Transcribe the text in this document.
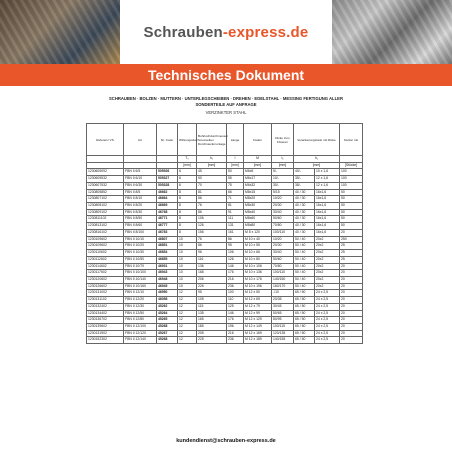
Schrauben-express.de
Technisches Dokument
SCHRAUBEN · BOLZEN · MUTTERN · UNTERLEGSCHEIBEN · DREHEN · EDELSTAHL · MESSING FERTIGUNG ALLER
SONDERTEILE AUF ANFRAGE
VERZINKTER STAHL
Referenz VS	Art	Nr. Code	Wirkungsdurchmesser	Bohrlochdurchmesser bei Durchsteckmontage	Länge	Faden	Dicke zum Fixieren	Verankerungstiefe mit Dicke		Karton mit
			T₀	h₀	l	M	t₁	h₁		
			[mm]	[mm]	[mm]	[mm]	[mm]	[mm]		[Stücke]
1230605092	FBN II 6/5	505926	6	45	50	M6x5	5/-	40/-	10 x 1,6	100
1230605532	FBN II 6/10	505327	6	50	55	M6x17	10/-	35/-	12 x 1,6	100
1230607532	FBN II 6/30	505328	6	70	75	M6x32	30/-	38/-	12 x 1,6	100
1230805852	FBN II 8/5	46662	8	81	66	M8x15	5/15	40 / 30	16x1,6	50
1230807102	FBN II 8/10	46664	8	86	71	M8x20	10/20	40 / 30	16x1,6	50
1230808102	FBN II 8/20	46669	8	76	81	M8x30	20/30	40 / 30	16x1,6	50
1230809102	FBN II 8/30	46768	8	86	91	M8x40	30/40	40 / 30	16x1,6	50
1230811102	FBN II 8/50	46771	8	106	111	M8x60	50/60	40 / 30	16x1,6	50
1230813102	FBN II 8/60	46777	8	126	131	M8x80	70/80	40 / 30	16x1,6	50
1230816102	FBN II 8/100	46783	8	156	161	M 8 x 120	100/110	40 / 30	16x1,6	20
1230109602	FBN II 10/10	46807	10	76	86	M 10 x 40	10/20	50 / 40	20x2	250
1230109602	FBN II 10/20	46851	10	86	95	M 10 x 55	20/30	50 / 40	20x2	25
1230110602	FBN II 10/30	46854	10	96	106	M 10 x 66	30/40	50 / 40	20x2	25
1230112602	FBN II 10/50	46855	10	116	126	M 10 x 80	50/60	50 / 40	20x2	25
1230114602	FBN II 10/70	46931	10	136	146	M 10 x 106	70/80	50 / 40	20x2	20
1230117602	FBN II 10/100	46943	10	168	176	M 10 x 136	100/110	50 / 40	20x2	20
1230120602	FBN II 10/140	46948	10	206	216	M 10 x 176	140/150	50 / 40	20x2	20
1230126602	FBN II 10/160	46945	10	226	236	M 10 x 196	160/170	50 / 40	20x2	20
1230131002	FBN II 12/10	46950	12	95	100	M 12 x 50	-/10	65 / 50	24 x 2,5	20
1230131102	FBN II 12/20	46058	12	105	110	M 12 x 69	20/35	65 / 50	24 x 2,5	20
1230132402	FBN II 12/30	45262	12	115	125	M 12 x 79	30/45	65 / 50	24 x 2,5	20
1230134402	FBN II 12/50	45264	12	135	146	M 12 x 99	50/65	65 / 50	24 x 2,5	20
1230136702	FBN II 12/80	45265	12	165	176	M 12 x 129	80/95	65 / 50	24 x 2,5	20
1230139602	FBN II 12/100	45268	12	185	196	M 12 x 149	100/115	65 / 50	24 x 2,5	20
1230131902	FBN II 12/120	45267	12	205	216	M 12 x 169	120/135	65 / 50	24 x 2,5	20
1230152302	FBN II 12/140	45268	12	225	236	M 12 x 189	140/155	65 / 50	24 x 2,5	20
kundendienst@schrauben-express.de
